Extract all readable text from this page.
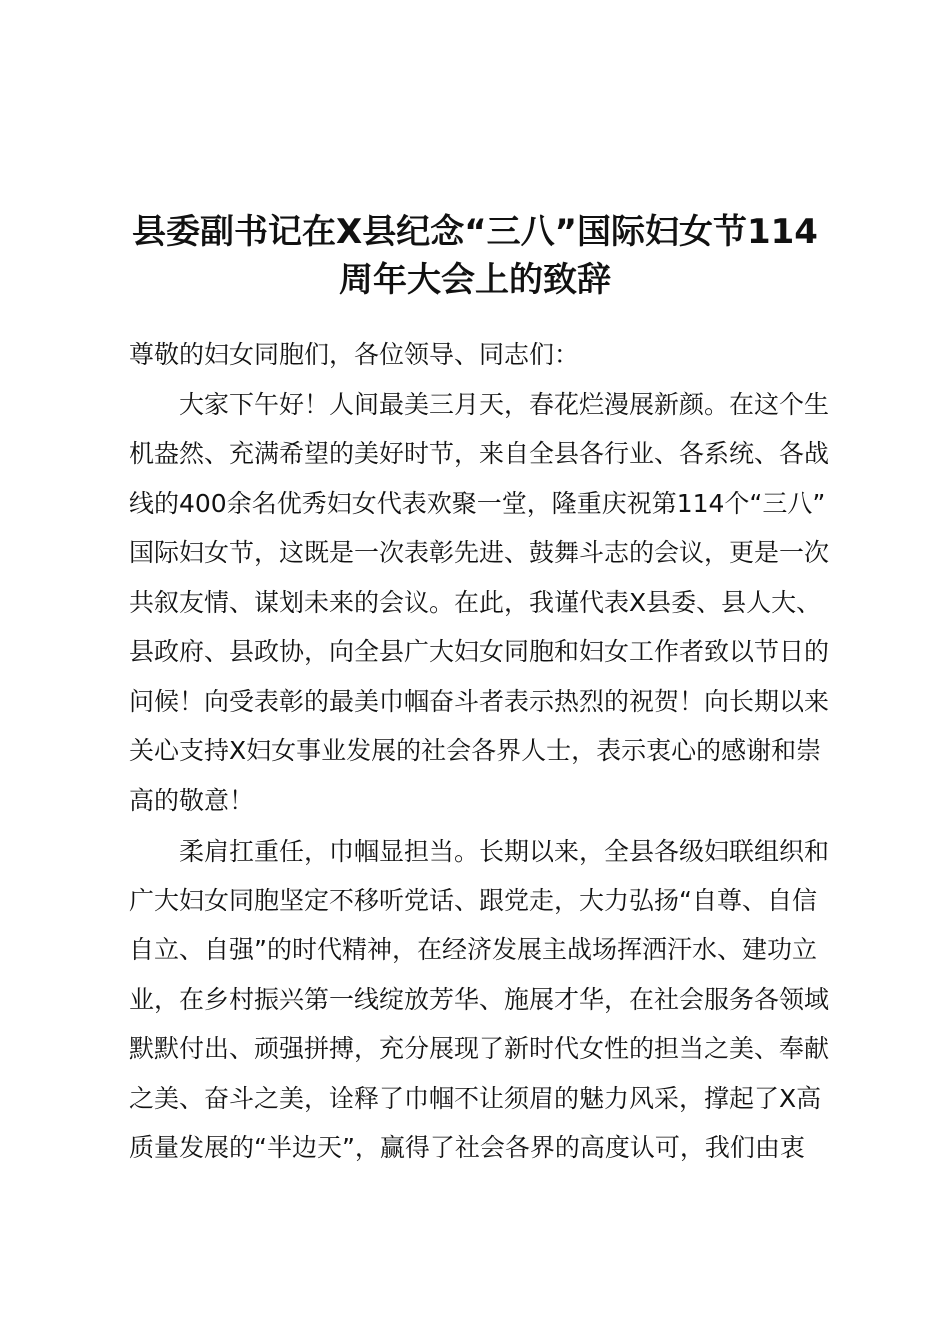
县委副书记在X县纪念“三八”国际妇女节114
周年大会上的致辞
尊敬的妇女同胞们，各位领导、同志们：
大家下午好！人间最美三月天，春花烂漫展新颜。在这个生
机盎然、充满希望的美好时节，来自全县各行业、各系统、各战
线的400余名优秀妇女代表欢聚一堂，隆重庆祝第114个“三八”
国际妇女节，这既是一次表彰先进、鼓舞斗志的会议，更是一次
共叙友情、谋划未来的会议。在此，我谨代表X县委、县人大、
县政府、县政协，向全县广大妇女同胞和妇女工作者致以节日的
问候！向受表彰的最美巾帼奋斗者表示热烈的祝贺！向长期以来
关心支持X妇女事业发展的社会各界人士，表示衷心的感谢和崇
高的敬意！
柔肩扛重任，巾帼显担当。长期以来，全县各级妇联组织和
广大妇女同胞坚定不移听党话、跟党走，大力弘扬“自尊、自信
自立、自强”的时代精神，在经济发展主战场挥洒汗水、建功立
业，在乡村振兴第一线绽放芳华、施展才华，在社会服务各领域
默默付出、顽强拼搏，充分展现了新时代女性的担当之美、奉献
之美、奋斗之美，诠释了巾帼不让须眉的魅力风采，撑起了X高
质量发展的“半边天”，赢得了社会各界的高度认可，我们由衷
